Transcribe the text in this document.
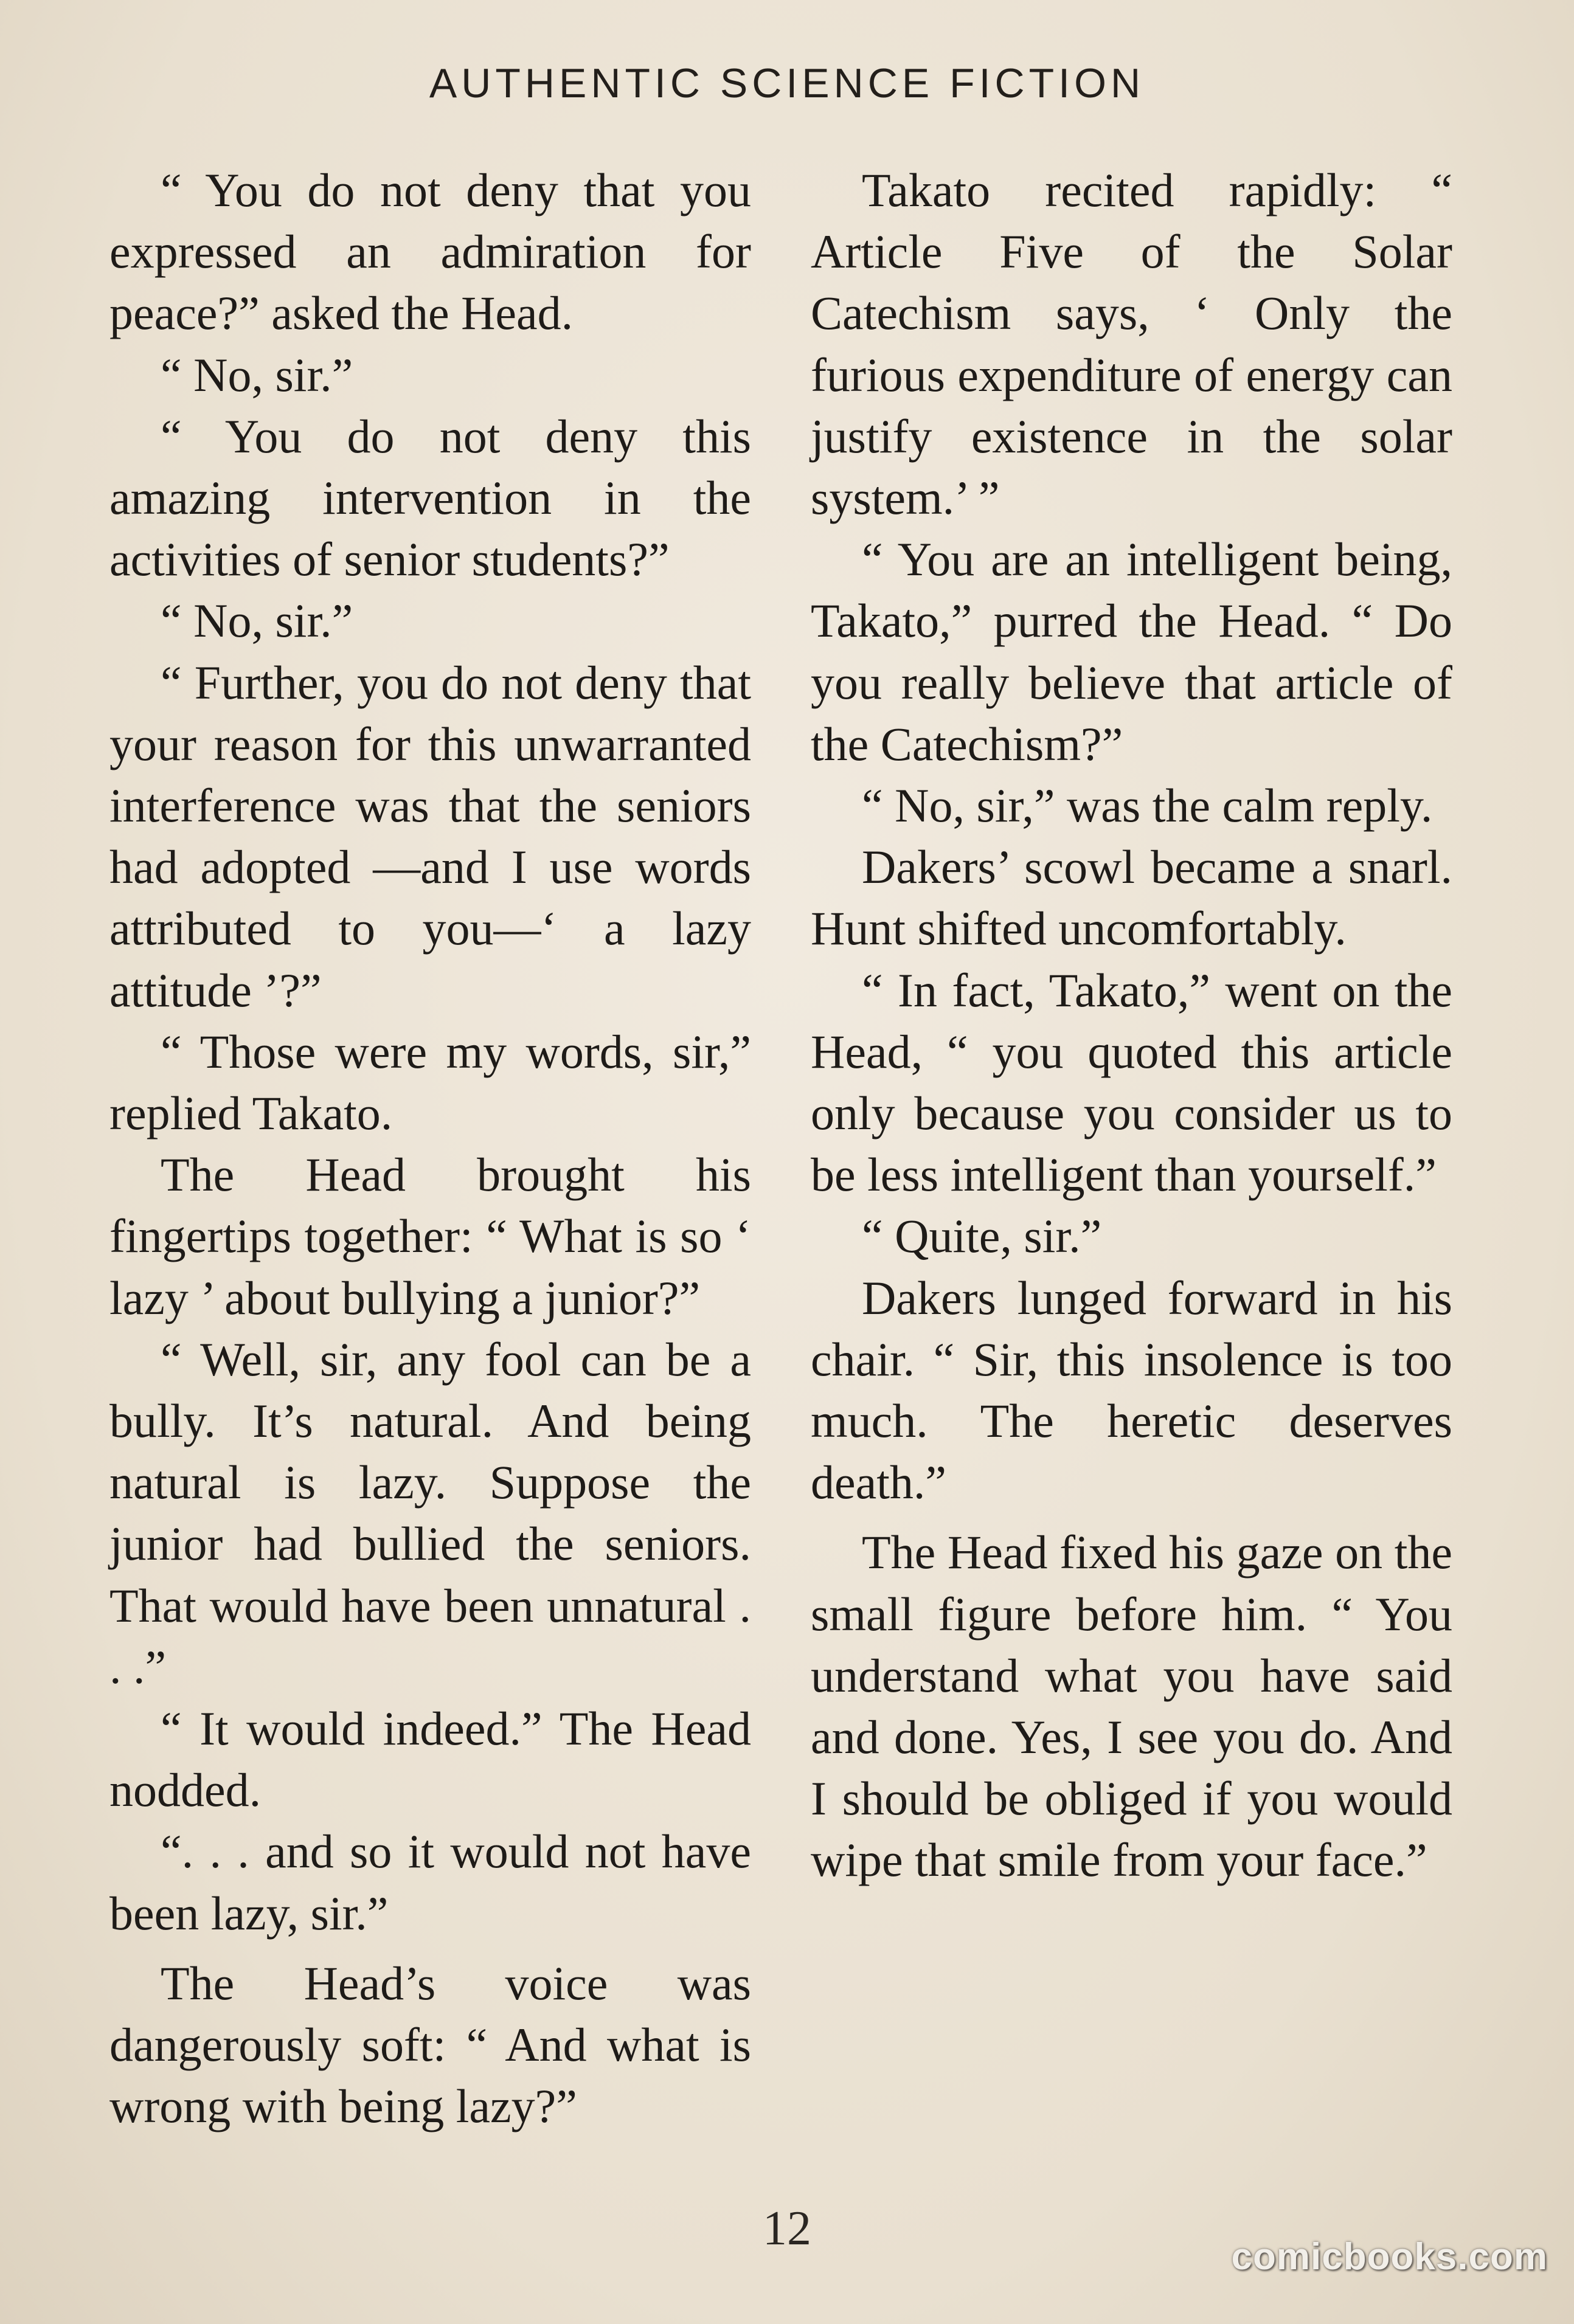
AUTHENTIC SCIENCE FICTION

“ You do not deny that you expressed an admiration for peace?” asked the Head.

“ No, sir.”

“ You do not deny this amazing intervention in the activities of senior students?”

“ No, sir.”

“ Further, you do not deny that your reason for this unwarranted interference was that the seniors had adopted —and I use words attributed to you—‘ a lazy attitude ’?”

“ Those were my words, sir,” replied Takato.

The Head brought his fingertips together: “ What is so ‘ lazy ’ about bullying a junior?”

“ Well, sir, any fool can be a bully. It’s natural. And being natural is lazy. Suppose the junior had bullied the seniors. That would have been unnatural . . .”

“ It would indeed.” The Head nodded.

“. . . and so it would not have been lazy, sir.”

The Head’s voice was dangerously soft: “ And what is wrong with being lazy?”

Takato recited rapidly: “ Article Five of the Solar Catechism says, ‘ Only the furious expenditure of energy can justify existence in the solar system.’ ”

“ You are an intelligent being, Takato,” purred the Head. “ Do you really believe that article of the Catechism?”

“ No, sir,” was the calm reply.

Dakers’ scowl became a snarl. Hunt shifted uncomfortably.

“ In fact, Takato,” went on the Head, “ you quoted this article only because you consider us to be less intelligent than yourself.”

“ Quite, sir.”

Dakers lunged forward in his chair. “ Sir, this insolence is too much. The heretic deserves death.”

The Head fixed his gaze on the small figure before him. “ You understand what you have said and done. Yes, I see you do. And I should be obliged if you would wipe that smile from your face.”

12
comicbooks.com
